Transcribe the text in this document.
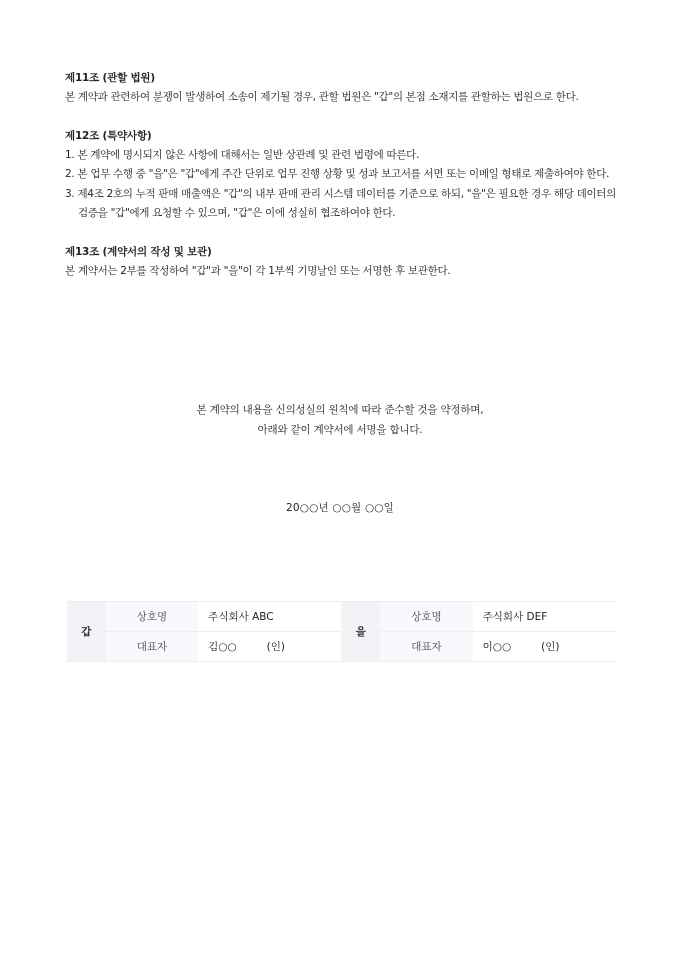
제11조 (관할 법원)
본 계약과 관련하여 분쟁이 발생하여 소송이 제기될 경우, 관할 법원은 "갑"의 본점 소재지를 관할하는 법원으로 한다.
제12조 (특약사항)
1. 본 계약에 명시되지 않은 사항에 대해서는 일반 상관례 및 관련 법령에 따른다.
2. 본 업무 수행 중 "을"은 "갑"에게 주간 단위로 업무 진행 상황 및 성과 보고서를 서면 또는 이메일 형태로 제출하여야 한다.
3. 제4조 2호의 누적 판매 매출액은 "갑"의 내부 판매 관리 시스템 데이터를 기준으로 하되, "을"은 필요한 경우 해당 데이터의 검증을 "갑"에게 요청할 수 있으며, "갑"은 이에 성실히 협조하여야 한다.
제13조 (계약서의 작성 및 보관)
본 계약서는 2부를 작성하여 "갑"과 "을"이 각 1부씩 기명날인 또는 서명한 후 보관한다.
본 계약의 내용을 신의성실의 원칙에 따라 준수할 것을 약정하며,
아래와 같이 계약서에 서명을 합니다.
20○○년 ○○월 ○○일
갑	상호명	주식회사 ABC	을	상호명	주식회사 DEF
	대표자	김○○ (인)		대표자	이○○ (인)
